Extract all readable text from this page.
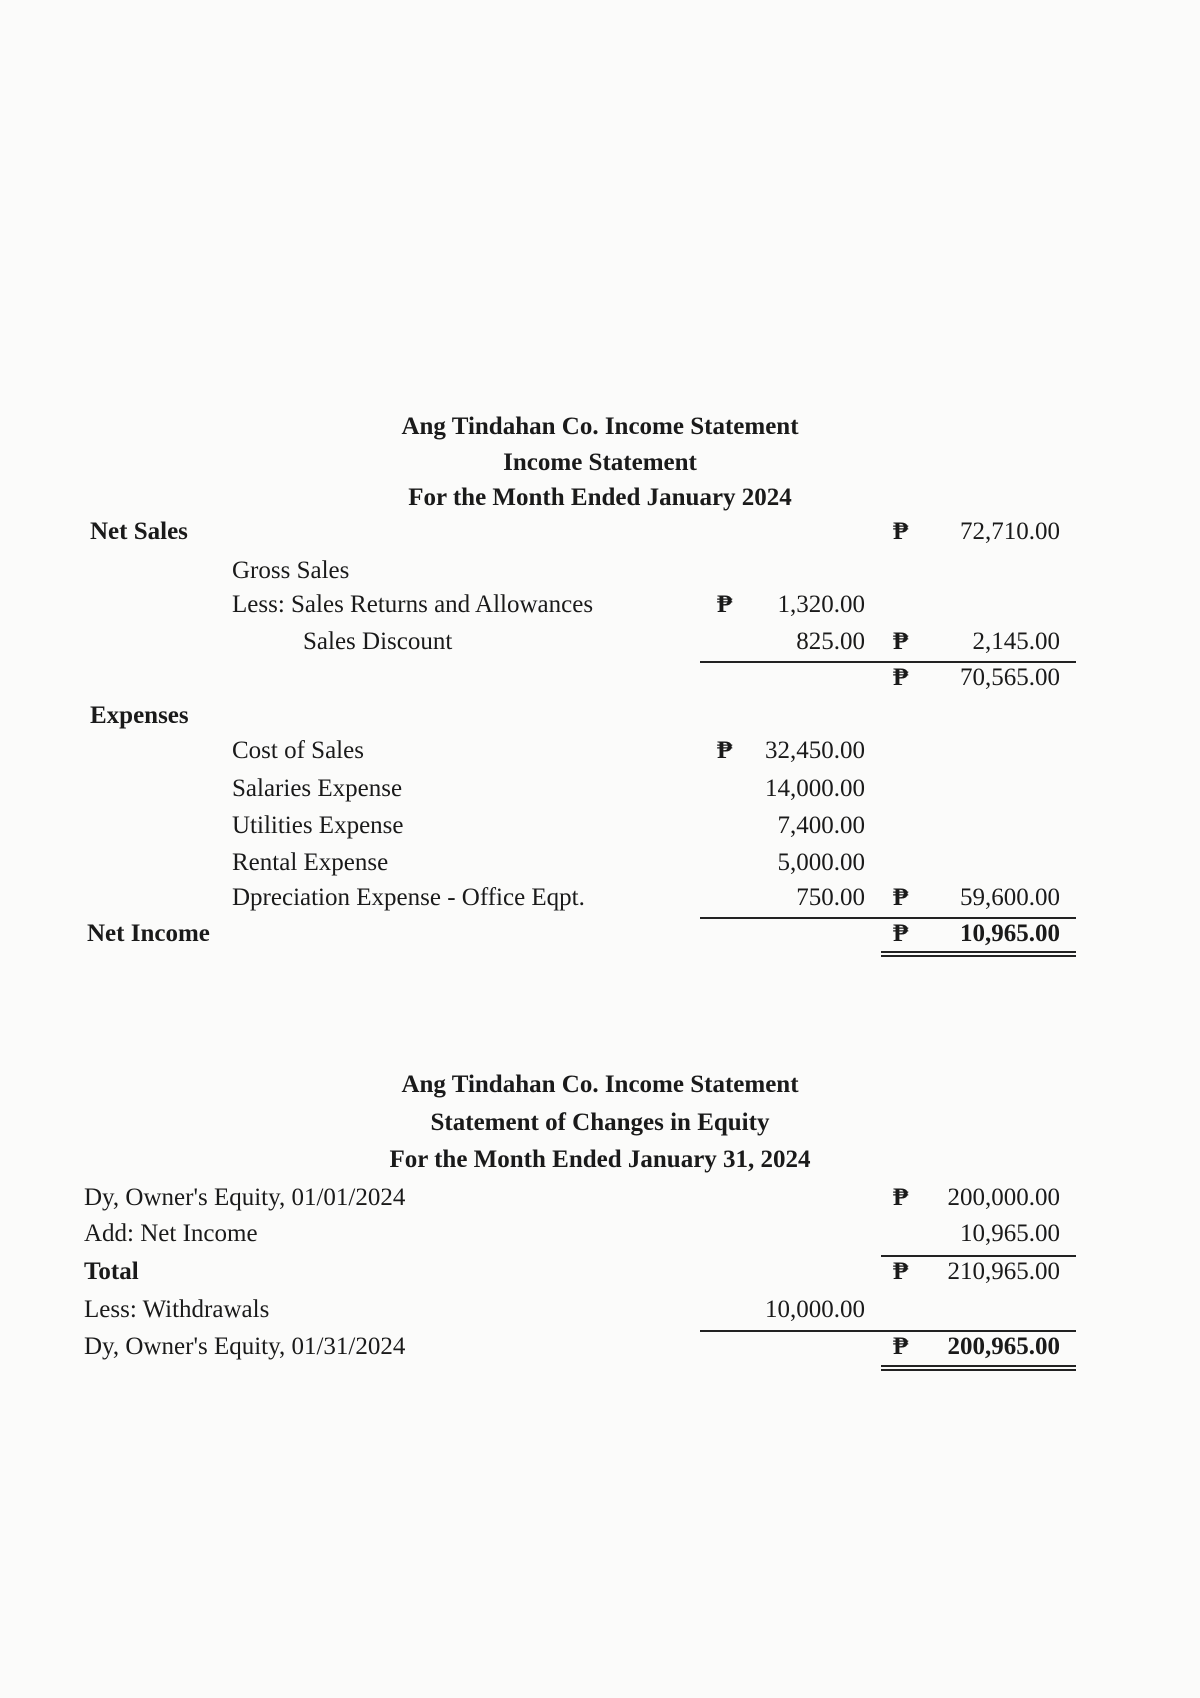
Ang Tindahan Co. Income Statement
Income Statement
For the Month Ended January 2024
Net Sales	₱ 72,710.00
Gross Sales
Less: Sales Returns and Allowances	₱ 1,320.00
Sales Discount	825.00 ₱	2,145.00
₱ 70,565.00
Expenses
Cost of Sales	₱ 32,450.00
Salaries Expense	14,000.00
Utilities Expense	7,400.00
Rental Expense	5,000.00
Dpreciation Expense - Office Eqpt.	750.00 ₱ 59,600.00
Net Income	₱ 10,965.00
Ang Tindahan Co. Income Statement
Statement of Changes in Equity
For the Month Ended January 31, 2024
Dy, Owner's Equity, 01/01/2024	₱ 200,000.00
Add: Net Income	10,965.00
Total	₱ 210,965.00
Less: Withdrawals	10,000.00
Dy, Owner's Equity, 01/31/2024	₱ 200,965.00
